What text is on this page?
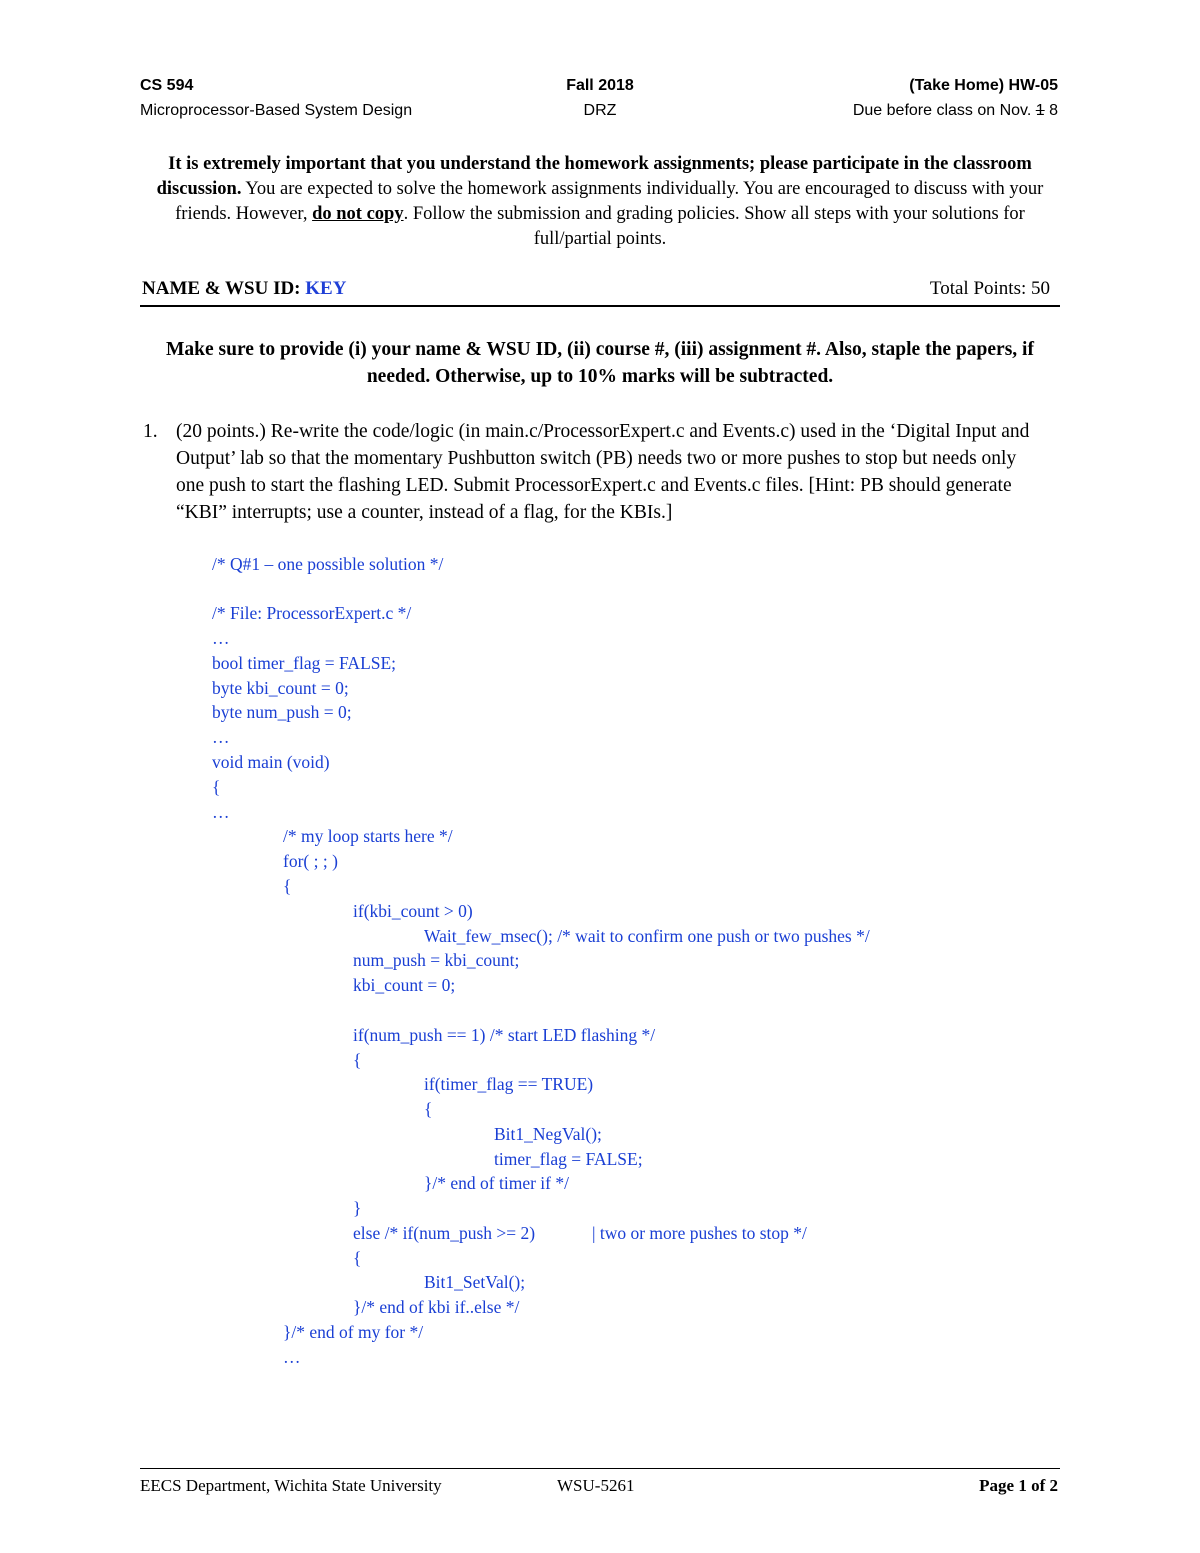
CS 594
Microprocessor-Based System Design
Fall 2018
DRZ
(Take Home) HW-05
Due before class on Nov. 1 8
It is extremely important that you understand the homework assignments; please participate in the classroom discussion. You are expected to solve the homework assignments individually. You are encouraged to discuss with your friends. However, do not copy. Follow the submission and grading policies. Show all steps with your solutions for full/partial points.
NAME & WSU ID: KEY	Total Points: 50
Make sure to provide (i) your name & WSU ID, (ii) course #, (iii) assignment #. Also, staple the papers, if needed. Otherwise, up to 10% marks will be subtracted.
1. (20 points.) Re-write the code/logic (in main.c/ProcessorExpert.c and Events.c) used in the ‘Digital Input and Output’ lab so that the momentary Pushbutton switch (PB) needs two or more pushes to stop but needs only one push to start the flashing LED. Submit ProcessorExpert.c and Events.c files. [Hint: PB should generate “KBI” interrupts; use a counter, instead of a flag, for the KBIs.]
/* Q#1 – one possible solution */
/* File: ProcessorExpert.c */
…
bool timer_flag = FALSE;
byte kbi_count = 0;
byte num_push = 0;
…
void main (void)
{
…
/* my loop starts here */
for( ; ; )
{
if(kbi_count > 0)
Wait_few_msec(); /* wait to confirm one push or two pushes */
num_push = kbi_count;
kbi_count = 0;
if(num_push == 1) /* start LED flashing */
{
if(timer_flag == TRUE)
{
Bit1_NegVal();
timer_flag = FALSE;
}/* end of timer if */
}
else /* if(num_push >= 2)             | two or more pushes to stop */
{
Bit1_SetVal();
}/* end of kbi if..else */
}/* end of my for */
…
EECS Department, Wichita State University	WSU-5261	Page 1 of 2
